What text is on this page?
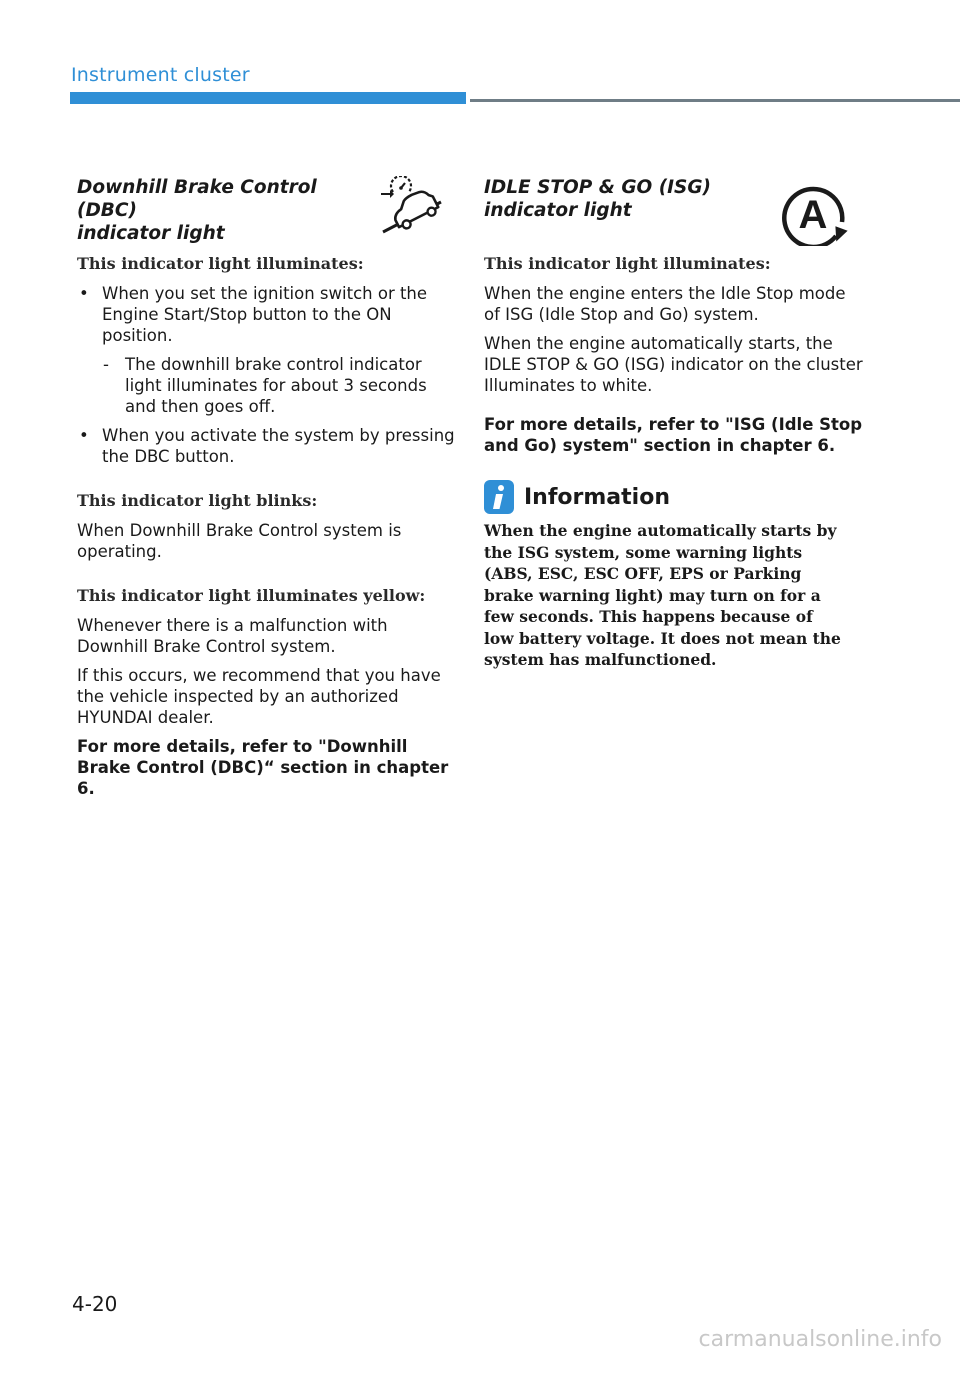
Instrument cluster
Downhill Brake Control (DBC)
indicator light
This indicator light illuminates:
• When you set the ignition switch or the Engine Start/Stop button to the ON position.
- The downhill brake control indicator light illuminates for about 3 seconds and then goes off.
• When you activate the system by pressing the DBC button.
This indicator light blinks:
When Downhill Brake Control system is operating.
This indicator light illuminates yellow:
Whenever there is a malfunction with Downhill Brake Control system.
If this occurs, we recommend that you have the vehicle inspected by an authorized HYUNDAI dealer.
For more details, refer to "Downhill Brake Control (DBC)“ section in chapter 6.
IDLE STOP & GO (ISG)
indicator light	A
This indicator light illuminates:
When the engine enters the Idle Stop mode of ISG (Idle Stop and Go) system.
When the engine automatically starts, the IDLE STOP & GO (ISG) indicator on the cluster Illuminates to white.
For more details, refer to "ISG (Idle Stop and Go) system" section in chapter 6.
Information
When the engine automatically starts by the ISG system, some warning lights (ABS, ESC, ESC OFF, EPS or Parking brake warning light) may turn on for a few seconds. This happens because of low battery voltage. It does not mean the system has malfunctioned.
4-20
carmanualsonline.info
